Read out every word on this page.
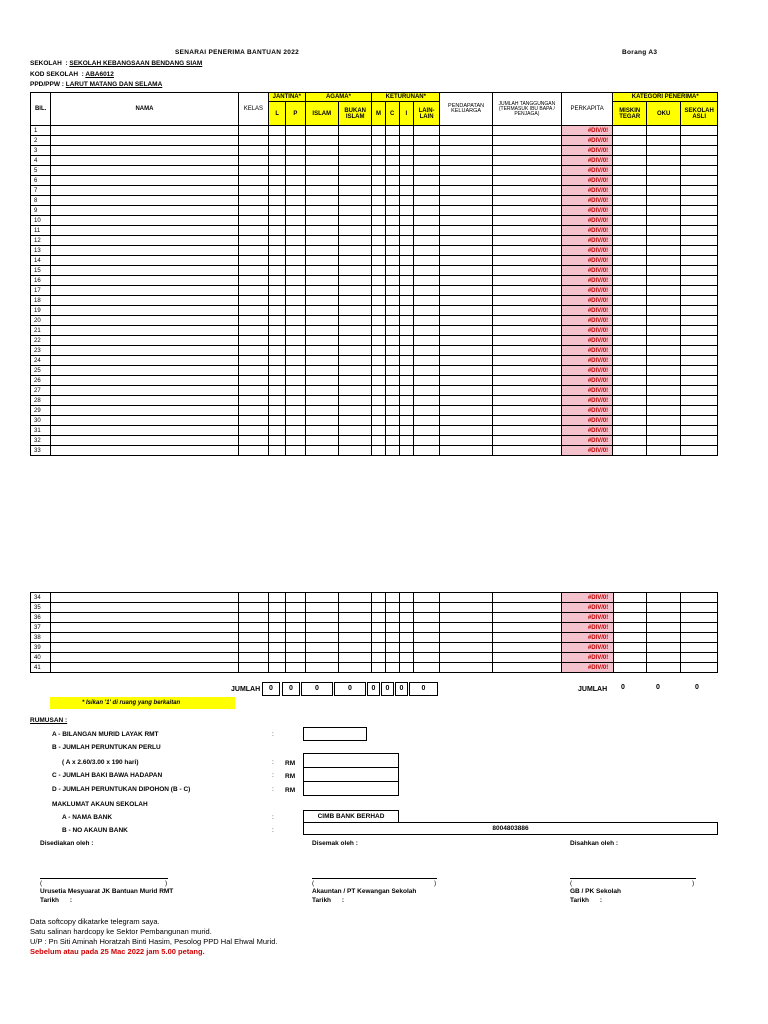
SENARAI PENERIMA BANTUAN 2022	Borang A3
SEKOLAH  : SEKOLAH KEBANGSAAN BENDANG SIAM
KOD SEKOLAH  : ABA6012
PPD/PPW : LARUT MATANG DAN SELAMA
BIL.	NAMA	KELAS	JANTINA*		AGAMA*		KETURUNAN*				PENDAPATAN KELUARGA	JUMLAH TANGGUNGAN (TERMASUK IBU BAPA / PENJAGA)	PERKAPITA	KATEGORI PENERIMA*		
			L	P	ISLAM	BUKAN ISLAM	M	C	I	LAIN-LAIN				MISKIN TEGAR	OKU	SEKOLAH ASLI
1													#DIV/0!			
2													#DIV/0!			
3													#DIV/0!			
4													#DIV/0!			
5													#DIV/0!			
6													#DIV/0!			
7													#DIV/0!			
8													#DIV/0!			
9													#DIV/0!			
10													#DIV/0!			
11													#DIV/0!			
12													#DIV/0!			
13													#DIV/0!			
14													#DIV/0!			
15													#DIV/0!			
16													#DIV/0!			
17													#DIV/0!			
18													#DIV/0!			
19													#DIV/0!			
20													#DIV/0!			
21													#DIV/0!			
22													#DIV/0!			
23													#DIV/0!			
24													#DIV/0!			
25													#DIV/0!			
26													#DIV/0!			
27													#DIV/0!			
28													#DIV/0!			
29													#DIV/0!			
30													#DIV/0!			
31													#DIV/0!			
32													#DIV/0!			
33													#DIV/0!			
34													#DIV/0!			
35													#DIV/0!			
36													#DIV/0!			
37													#DIV/0!			
38													#DIV/0!			
39													#DIV/0!			
40													#DIV/0!			
41													#DIV/0!			
JUMLAH	0	0	0	0	0	0	0	0	JUMLAH 0	0	0
* Isikan '1' di ruang yang berkaitan
RUMUSAN :
A - BILANGAN MURID LAYAK RMT	:
B - JUMLAH PERUNTUKAN PERLU
( A x 2.60/3.00 x 190 hari)	: RM
C - JUMLAH BAKI BAWA HADAPAN	: RM
D - JUMLAH PERUNTUKAN DIPOHON (B - C)	: RM
MAKLUMAT AKAUN SEKOLAH
A - NAMA BANK	:	CIMB BANK BERHAD
B - NO AKAUN BANK	:	8004803886
Disediakan oleh :	Disemak oleh :	Disahkan oleh :
(	)	(	)	(	)
Urusetia Mesyuarat JK Bantuan Murid RMT	Akauntan / PT Kewangan Sekolah	GB / PK Sekolah
Tarikh :	Tarikh :	Tarikh :
Data softcopy dikatarke telegram saya.
Satu salinan hardcopy ke Sektor Pembangunan murid.
U/P : Pn Siti Aminah Horatzah Binti Hasim, Pesolog PPD Hal Ehwal Murid.
Sebelum atau pada 25 Mac 2022 jam 5.00 petang.
